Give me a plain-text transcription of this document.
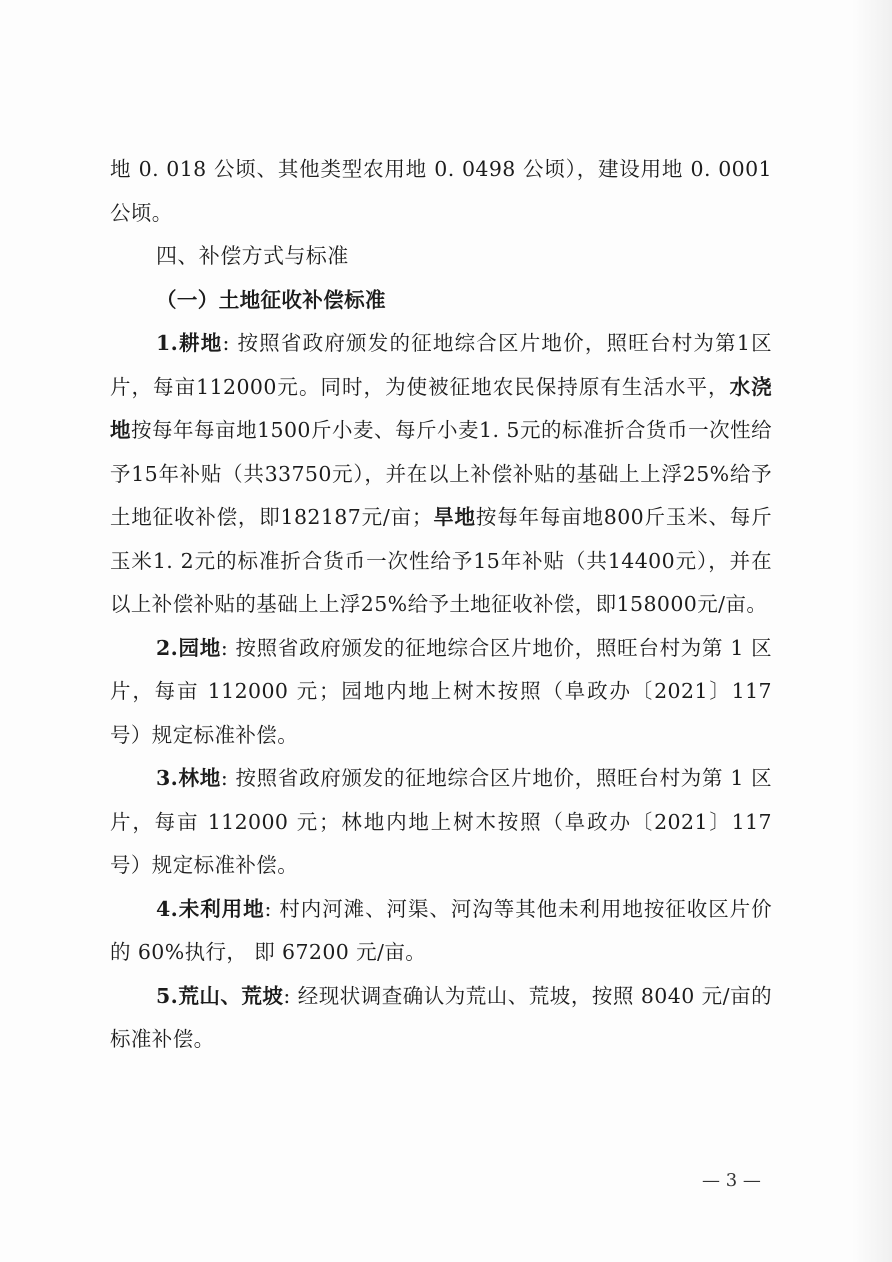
地 0. 018 公顷、其他类型农用地 0. 0498 公顷），建设用地 0. 0001 公顷。

四、补偿方式与标准

（一）土地征收补偿标准

1.耕地: 按照省政府颁发的征地综合区片地价，照旺台村为第1区片，每亩112000元。同时，为使被征地农民保持原有生活水平，水浇地按每年每亩地1500斤小麦、每斤小麦1. 5元的标准折合货币一次性给予15年补贴（共33750元），并在以上补偿补贴的基础上上浮25%给予土地征收补偿，即182187元/亩；旱地按每年每亩地800斤玉米、每斤玉米1. 2元的标准折合货币一次性给予15年补贴（共14400元），并在以上补偿补贴的基础上上浮25%给予土地征收补偿，即158000元/亩。

2.园地: 按照省政府颁发的征地综合区片地价，照旺台村为第 1 区片，每亩 112000 元；园地内地上树木按照（阜政办〔2021〕117 号）规定标准补偿。

3.林地: 按照省政府颁发的征地综合区片地价，照旺台村为第 1 区片，每亩 112000 元；林地内地上树木按照（阜政办〔2021〕117 号）规定标准补偿。

4.未利用地: 村内河滩、河渠、河沟等其他未利用地按征收区片价的 60%执行， 即 67200 元/亩。

5.荒山、荒坡: 经现状调查确认为荒山、荒坡，按照 8040 元/亩的标准补偿。

— 3 —
